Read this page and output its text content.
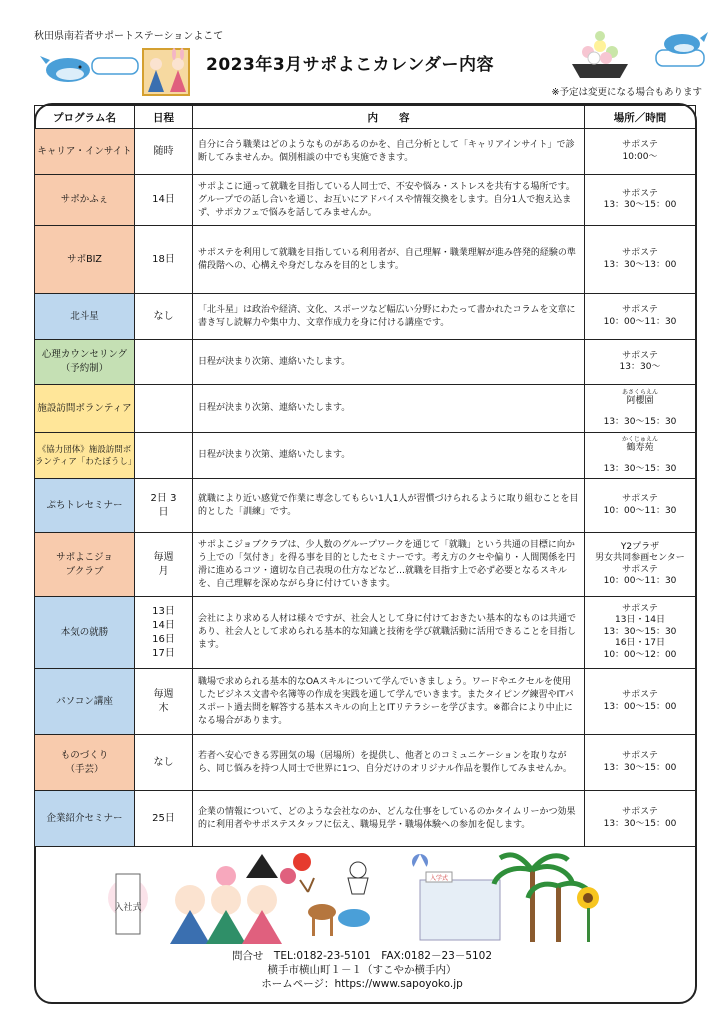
秋田県南若者サポートステーションよこて
2023年3月サポよこカレンダー内容
※予定は変更になる場合もあります
プログラム名	日程	内　　容	場所／時間
キャリア・インサイト	随時	自分に合う職業はどのようなものがあるのかを、自己分析として「キャリアインサイト」で診断してみませんか。個別相談の中でも実施できます。	サポステ
10:00～

サポかふぇ	14日	サポよこに通って就職を目指している人同士で、不安や悩み・ストレスを共有する場所です。グループでの話し合いを通じ、お互いにアドバイスや情報交換をします。自分1人で抱え込まず、サポカフェで悩みを話してみませんか。	サポステ
13：30～15：00

サポBIZ	18日	サポステを利用して就職を目指している利用者が、自己理解・職業理解が進み啓発的経験の準備段階への、心構えや身だしなみを目的とします。	サポステ
13：30～13：00

北斗星	なし	「北斗星」は政治や経済、文化、スポーツなど幅広い分野にわたって書かれたコラムを文章に書き写し読解力や集中力、文章作成力を身に付ける講座です。	サポステ
10：00～11：30

心理カウンセリング（予約制）		日程が決まり次第、連絡いたします。	サポステ
13：30～

施設訪問ボランティア		日程が決まり次第、連絡いたします。	あさくらえん
阿櫻園
13：30～15：30

《協力団体》施設訪問ボランティア「わたぼうし」		日程が決まり次第、連絡いたします。	かくじゅえん
鶴寿苑
13：30～15：30

ぷちトレセミナー	2日 3日	就職により近い感覚で作業に専念してもらい1人1人が習慣づけられるように取り組むことを目的とした「訓練」です。	サポステ
10：00～11：30

サポよこジョブクラブ	毎週月	サポよこジョブクラブは、少人数のグループワークを通じて「就職」という共通の目標に向かう上での「気付き」を得る事を目的としたセミナーです。考え方のクセや偏り・人間関係を円滑に進めるコツ・適切な自己表現の仕方などなど…就職を目指す上で必ず必要となるスキルを、自己理解を深めながら身に付けていきます。	Y2プラザ
男女共同参画センター
サポステ
10：00～11：30

本気の就勝	13日 14日 16日 17日	会社により求める人材は様々ですが、社会人として身に付けておきたい基本的なものは共通であり、社会人として求められる基本的な知識と技術を学び就職活動に活用できることを目指します。	サポステ
13日・14日
13：30～15：30
16日・17日
10：00～12：00

パソコン講座	毎週木	職場で求められる基本的なOAスキルについて学んでいきましょう。ワードやエクセルを使用したビジネス文書や名簿等の作成を実践を通して学んでいきます。またタイピング練習やITパスポート過去問を解答する基本スキルの向上とITリテラシーを学びます。※都合により中止になる場合があります。	サポステ
13：00～15：00

ものづくり（手芸）	なし	若者へ安心できる雰囲気の場（居場所）を提供し、他者とのコミュニケーションを取りながら、同じ悩みを持つ人同士で世界に1つ、自分だけのオリジナル作品を製作してみませんか。	サポステ
13：30～15：00

企業紹介セミナー	25日	企業の情報について、どのような会社なのか、どんな仕事をしているのかタイムリーかつ効果的に利用者やサポステスタッフに伝え、職場見学・職場体験への参加を促します。	サポステ
13：30～15：00
入社式
入学式
問合せ　TEL:0182-23-5101　FAX:0182－23－5102
横手市横山町１－１（すこやか横手内）
ホームページ：https://www.sapoyoko.jp
